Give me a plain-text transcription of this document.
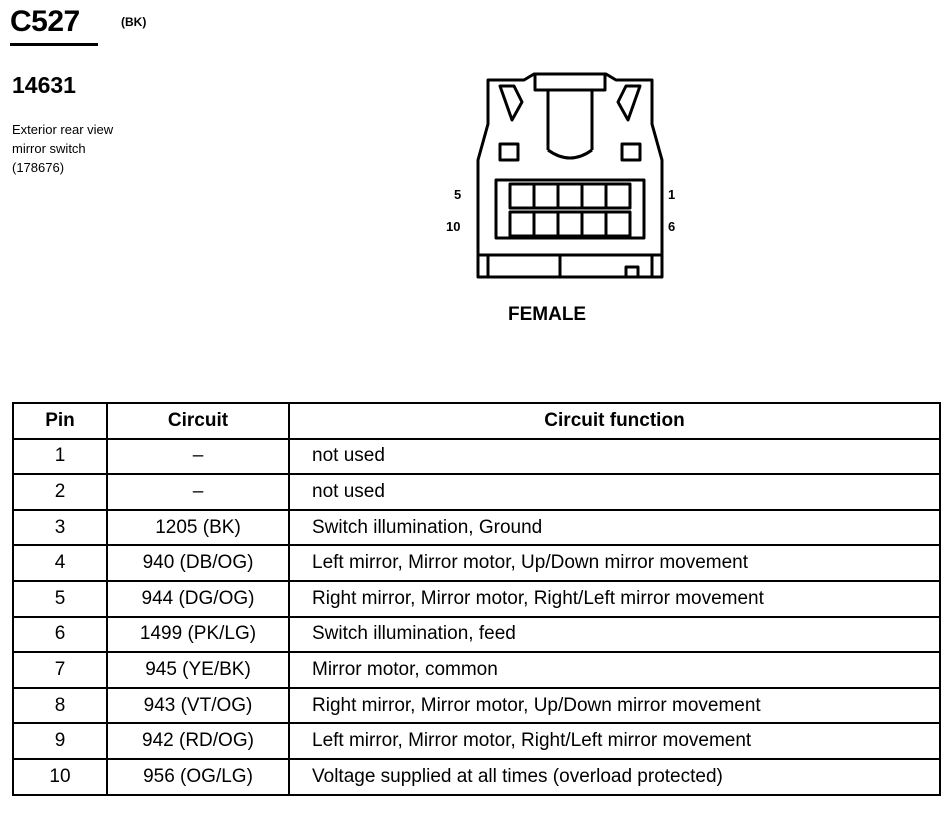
C527	(BK)
14631
Exterior rear view
mirror switch
(178676)
5	1
10	6
FEMALE
Pin	Circuit	Circuit function
1	–	not used
2	–	not used
3	1205 (BK)	Switch illumination, Ground
4	940 (DB/OG)	Left mirror, Mirror motor, Up/Down mirror movement
5	944 (DG/OG)	Right mirror, Mirror motor, Right/Left mirror movement
6	1499 (PK/LG)	Switch illumination, feed
7	945 (YE/BK)	Mirror motor, common
8	943 (VT/OG)	Right mirror, Mirror motor, Up/Down mirror movement
9	942 (RD/OG)	Left mirror, Mirror motor, Right/Left mirror movement
10	956 (OG/LG)	Voltage supplied at all times (overload protected)
